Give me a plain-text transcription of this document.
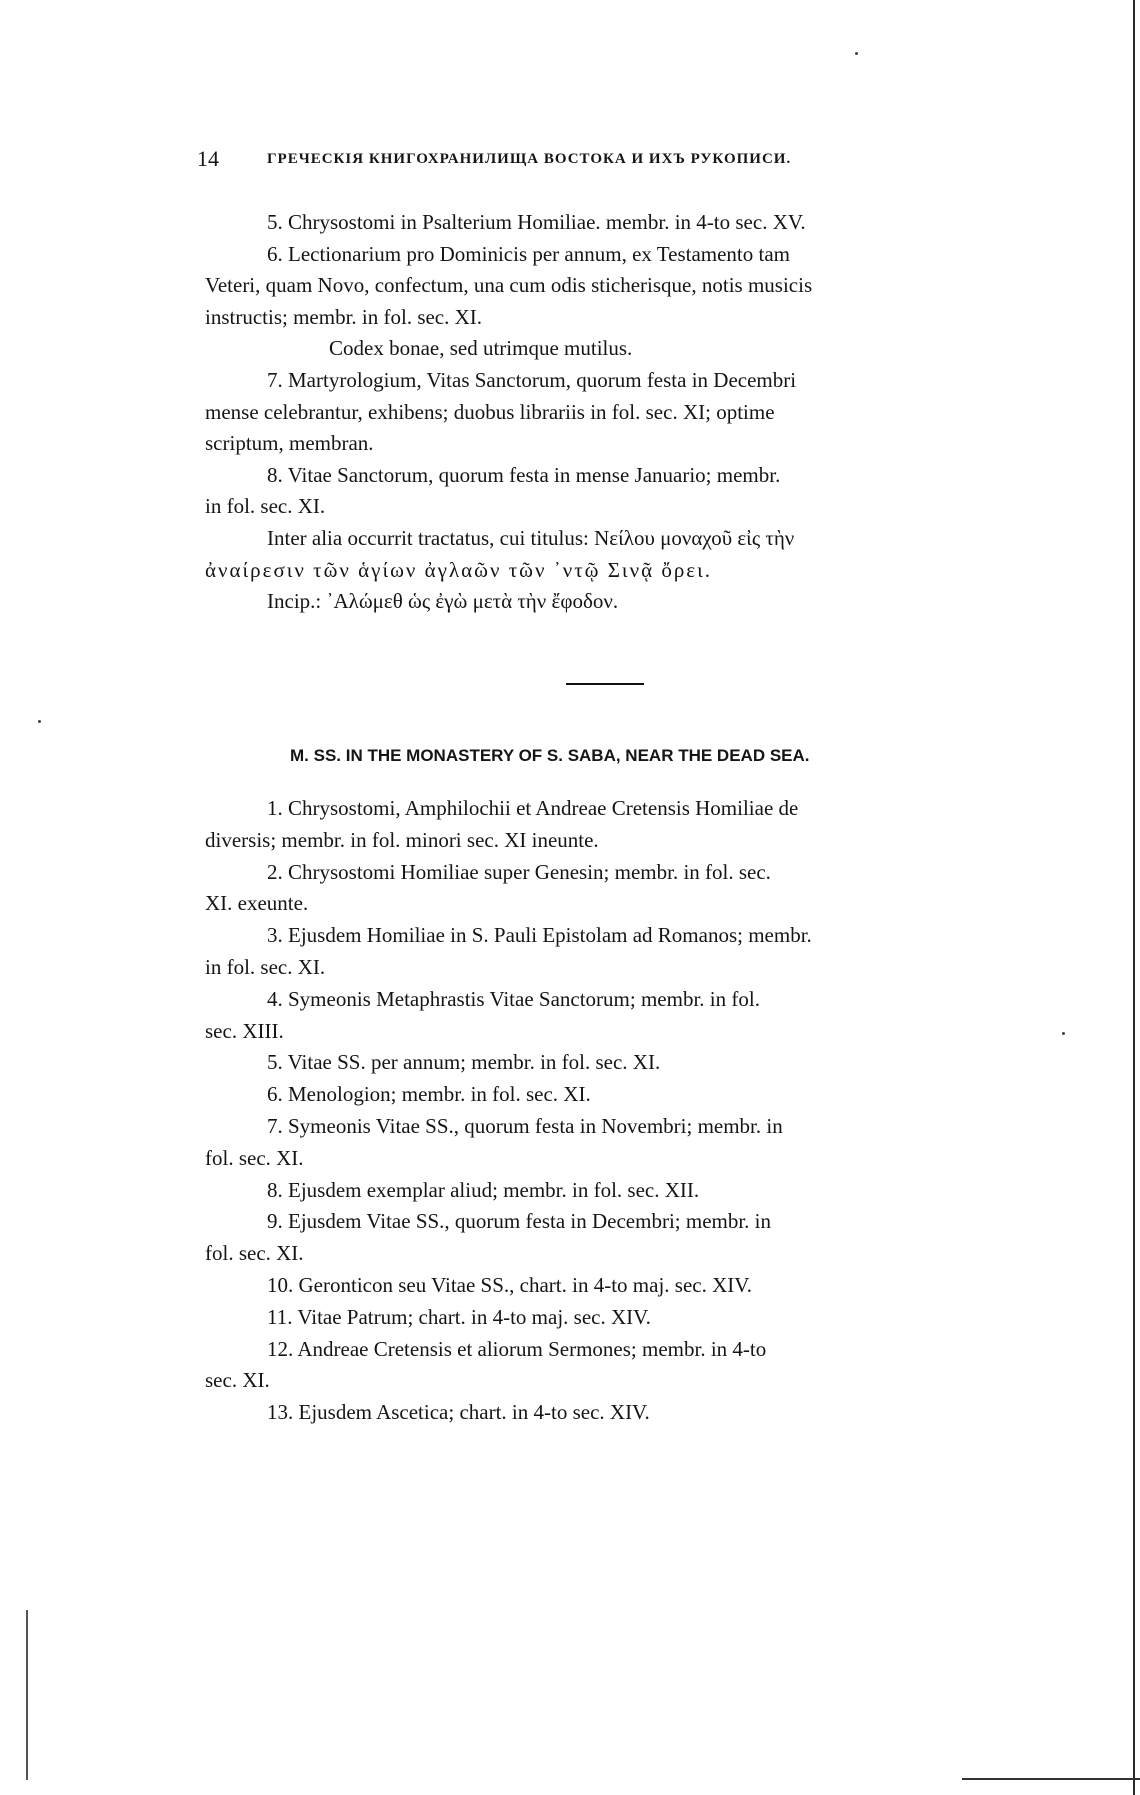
14	ГРЕЧЕСКIЯ КНИГОХРАНИЛИЩА ВОСТОКА И ИХЪ РУКОПИСИ.
5. Chrysostomi in Psalterium Homiliae. membr. in 4-to sec. XV.
6. Lectionarium pro Dominicis per annum, ex Testamento tam
Veteri, quam Novo, confectum, una cum odis sticherisque, notis musicis
instructis; membr. in fol. sec. XI.
Codex bonae, sed utrimque mutilus.
7. Martyrologium, Vitas Sanctorum, quorum festa in Decembri
mense celebrantur, exhibens; duobus librariis in fol. sec. XI; optime
scriptum, membran.
8. Vitae Sanctorum, quorum festa in mense Januario; membr.
in fol. sec. XI.
Inter alia occurrit tractatus, cui titulus: Νείλου μοναχοῦ εἰς τὴν
ἀναίρεσιν τῶν ἁγίων ἀγλαῶν τῶν ᾿ντῷ Σινᾷ ὄρει.
Incip.: ᾿Αλώμεθ ὡς ἐγὼ μετὰ τὴν ἔφοδον.
M. SS. IN THE MONASTERY OF S. SABA, NEAR THE DEAD SEA.
1. Chrysostomi, Amphilochii et Andreae Cretensis Homiliae de
diversis; membr. in fol. minori sec. XI ineunte.
2. Chrysostomi Homiliae super Genesin; membr. in fol. sec.
XI. exeunte.
3. Ejusdem Homiliae in S. Pauli Epistolam ad Romanos; membr.
in fol. sec. XI.
4. Symeonis Metaphrastis Vitae Sanctorum; membr. in fol.
sec. XIII.
5. Vitae SS. per annum; membr. in fol. sec. XI.
6. Menologion; membr. in fol. sec. XI.
7. Symeonis Vitae SS., quorum festa in Novembri; membr. in
fol. sec. XI.
8. Ejusdem exemplar aliud; membr. in fol. sec. XII.
9. Ejusdem Vitae SS., quorum festa in Decembri; membr. in
fol. sec. XI.
10. Geronticon seu Vitae SS., chart. in 4-to maj. sec. XIV.
11. Vitae Patrum; chart. in 4-to maj. sec. XIV.
12. Andreae Cretensis et aliorum Sermones; membr. in 4-to
sec. XI.
13. Ejusdem Ascetica; chart. in 4-to sec. XIV.
